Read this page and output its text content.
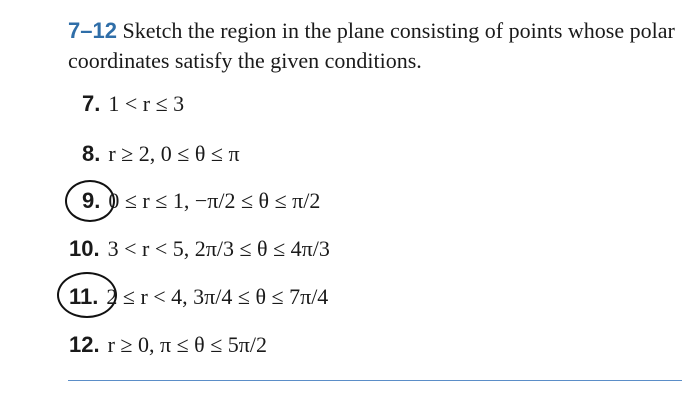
7–12 Sketch the region in the plane consisting of points whose polar coordinates satisfy the given conditions.
7. 1 < r ≤ 3
8. r ≥ 2, 0 ≤ θ ≤ π
9. 0 ≤ r ≤ 1, −π/2 ≤ θ ≤ π/2
10. 3 < r < 5, 2π/3 ≤ θ ≤ 4π/3
11. 2 ≤ r < 4, 3π/4 ≤ θ ≤ 7π/4
12. r ≥ 0, π ≤ θ ≤ 5π/2
